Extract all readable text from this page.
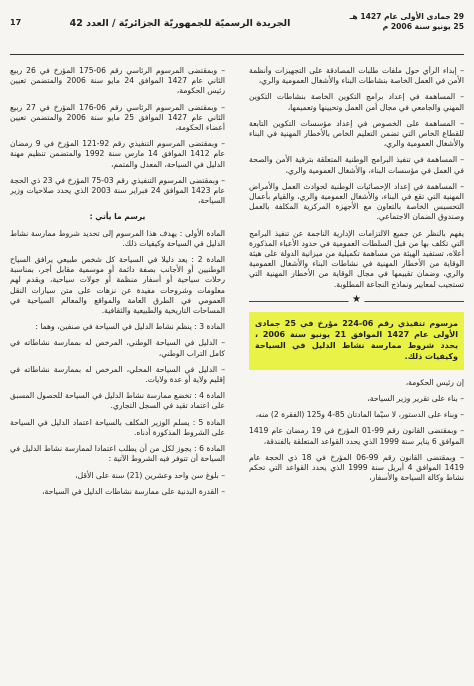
29 جمادى الأولى عام 1427 هـ
25 يونيو سنة 2006 م
الجريدة الرسميّة للجمهوريّة الجزائريّة / العدد 42
17

– إبداء الرأي حول ملفات طلبات المصادقة على التجهيزات وأنظمة الأمن في العمل الخاصة بنشاطات البناء والأشغال العمومية والري،

– المساهمة في إعداد برامج التكوين الخاصة بنشاطات التكوين المهني والجامعي في مجال أمن العمل وتحيينها وتعميمها،

– المساهمة على الخصوص في إعداد مؤسسات التكوين التابعة للقطاع الخاص التي تضمن التعليم الخاص بالأخطار المهنية في البناء والأشغال العمومية والري،

– المساهمة في تنفيذ البرامج الوطنية المتعلقة بترقية الأمن والصحة في العمل في مؤسسات البناء، والأشغال العمومية والري،

– المساهمة في إعداد الإحصائيات الوطنية لحوادث العمل والأمراض المهنية التي تقع في البناء، والأشغال العمومية والري، والقيام بأعمال التحسيس الخاصة بالتعاون مع الأجهزة المركزية المكلفة بالعمل وصندوق الضمان الاجتماعي.

يفهم بالنظر عن جميع الالتزامات الإدارية الناجمة عن تنفيذ البرامج التي تكلف بها من قبل السلطات العمومية في حدود الأعباء المذكورة أعلاه، تستفيد الهيئة من مساهمة تكميلية من ميزانية الدولة على هيئة الوقاية من الأخطار المهنية في نشاطات البناء والأشغال العمومية والري، وضمان تقييمها في مجال الوقاية من الأخطار المهنية التي تستجيب لمعايير ونماذج النجاعة المطلوبة.

★
مرسوم تنفيذي رقم 06-224 مؤرخ في 25 جمادى الأولى عام 1427 الموافق 21 يونيو سنة 2006 ، يحدد شروط ممارسة نشاط الدليل في السياحة وكيفيات ذلك.

إن رئيس الحكومة،

– بناء على تقرير وزير السياحة،

– وبناء على الدستور، لا سيّما المادتان 85-4 و125 (الفقرة 2) منه،

– وبمقتضى القانون رقم 99-01 المؤرخ في 19 رمضان عام 1419 الموافق 6 يناير سنة 1999 الذي يحدد القواعد المتعلقة بالفندقة،

– وبمقتضى القانون رقم 99-06 المؤرخ في 18 ذي الحجة عام 1419 الموافق 4 أبريل سنة 1999 الذي يحدد القواعد التي تحكم نشاط وكالة السياحة والأسفار،

– وبمقتضى المرسوم الرئاسي رقم 06-175 المؤرخ في 26 ربيع الثاني عام 1427 الموافق 24 مايو سنة 2006 والمتضمن تعيين رئيس الحكومة،

– وبمقتضى المرسوم الرئاسي رقم 06-176 المؤرخ في 27 ربيع الثاني عام 1427 الموافق 25 مايو سنة 2006 والمتضمن تعيين أعضاء الحكومة،

– وبمقتضى المرسوم التنفيذي رقم 92-121 المؤرخ في 9 رمضان عام 1412 الموافق 14 مارس سنة 1992 والمتضمن تنظيم مهنة الدليل في السياحة، المعدل والمتمم،

– وبمقتضى المرسوم التنفيذي رقم 03-75 المؤرخ في 23 ذي الحجة عام 1423 الموافق 24 فبراير سنة 2003 الذي يحدد صلاحيات وزير السياحة،

يرسم ما يأتي :

المادة الأولى : يهدف هذا المرسوم إلى تحديد شروط ممارسة نشاط الدليل في السياحة وكيفيات ذلك.

المادة 2 : يعد دليلا في السياحة كل شخص طبيعي يرافق السياح الوطنيين أو الأجانب بصفة دائمة أو موسمية مقابل أجر، بمناسبة رحلات سياحية أو أسفار منظمة أو جولات سياحية، ويقدم لهم معلومات وشروحات مفيدة عن نزهات على متن سيارات النقل العمومي في الطرق العامة والمواقع والمعالم السياحية في المساحات التاريخية والطبيعية والثقافية.

المادة 3 : ينظم نشاط الدليل في السياحة في صنفين، وهما :

– الدليل في السياحة الوطني، المرخص له بممارسة نشاطاته في كامل التراب الوطني،

– الدليل في السياحة المحلي، المرخص له بممارسة نشاطاته في إقليم ولاية أو عدة ولايات.

المادة 4 : تخضع ممارسة نشاط الدليل في السياحة للحصول المسبق على اعتماد تقيد في السجل التجاري.

المادة 5 : يسلم الوزير المكلف بالسياحة اعتماد الدليل في السياحة على الشروط المذكورة أدناه.

المادة 6 : يجوز لكل من أن يطلب اعتمادا لممارسة نشاط الدليل في السياحة أن تتوفر فيه الشروط الآتية :

– بلوغ سن واحد وعشرين (21) سنة على الأقل،

– القدرة البدنية على ممارسة نشاطات الدليل في السياحة،
